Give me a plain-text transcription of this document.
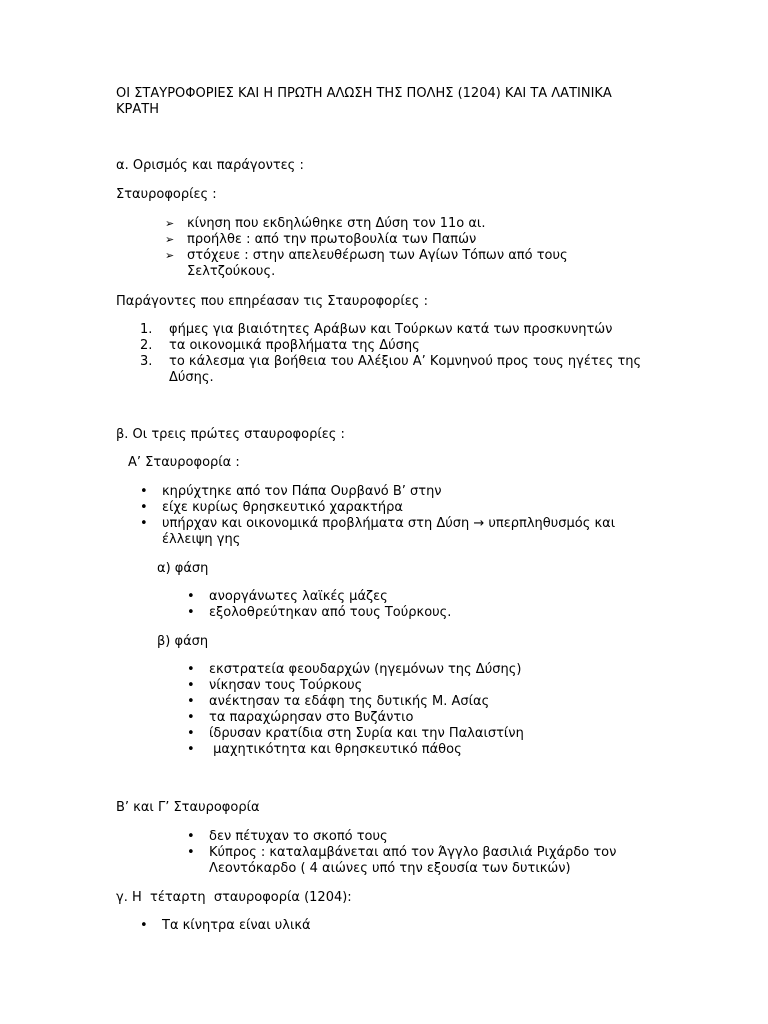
ΟΙ ΣΤΑΥΡΟΦΟΡΙΕΣ ΚΑΙ Η ΠΡΩΤΗ ΑΛΩΣΗ ΤΗΣ ΠΟΛΗΣ (1204) ΚΑΙ ΤΑ ΛΑΤΙΝΙΚΑ
ΚΡΑΤΗ
α. Ορισμός και παράγοντες :
Σταυροφορίες :
➢ κίνηση που εκδηλώθηκε στη Δύση τον 11ο αι.
➢ προήλθε : από την πρωτοβουλία των Παπών
➢ στόχευε : στην απελευθέρωση των Αγίων Τόπων από τους
Σελτζούκους.
Παράγοντες που επηρέασαν τις Σταυροφορίες :
1. φήμες για βιαιότητες Αράβων και Τούρκων κατά των προσκυνητών
2. τα οικονομικά προβλήματα της Δύσης
3. το κάλεσμα για βοήθεια του Αλέξιου Α’ Κομνηνού προς τους ηγέτες της
Δύσης.
β. Οι τρεις πρώτες σταυροφορίες :
Α’ Σταυροφορία :
• κηρύχτηκε από τον Πάπα Ουρβανό Β’ στην
• είχε κυρίως θρησκευτικό χαρακτήρα
• υπήρχαν και οικονομικά προβλήματα στη Δύση → υπερπληθυσμός και
έλλειψη γης
α) φάση
• ανοργάνωτες λαϊκές μάζες
• εξολοθρεύτηκαν από τους Τούρκους.
β) φάση
• εκστρατεία φεουδαρχών (ηγεμόνων της Δύσης)
• νίκησαν τους Τούρκους
• ανέκτησαν τα εδάφη της δυτικής Μ. Ασίας
• τα παραχώρησαν στο Βυζάντιο
• ίδρυσαν κρατίδια στη Συρία και την Παλαιστίνη
• μαχητικότητα και θρησκευτικό πάθος
Β’ και Γ’ Σταυροφορία
• δεν πέτυχαν το σκοπό τους
• Κύπρος : καταλαμβάνεται από τον Άγγλο βασιλιά Ριχάρδο τον
Λεοντόκαρδο ( 4 αιώνες υπό την εξουσία των δυτικών)
γ. Η  τέταρτη  σταυροφορία (1204):
• Τα κίνητρα είναι υλικά
